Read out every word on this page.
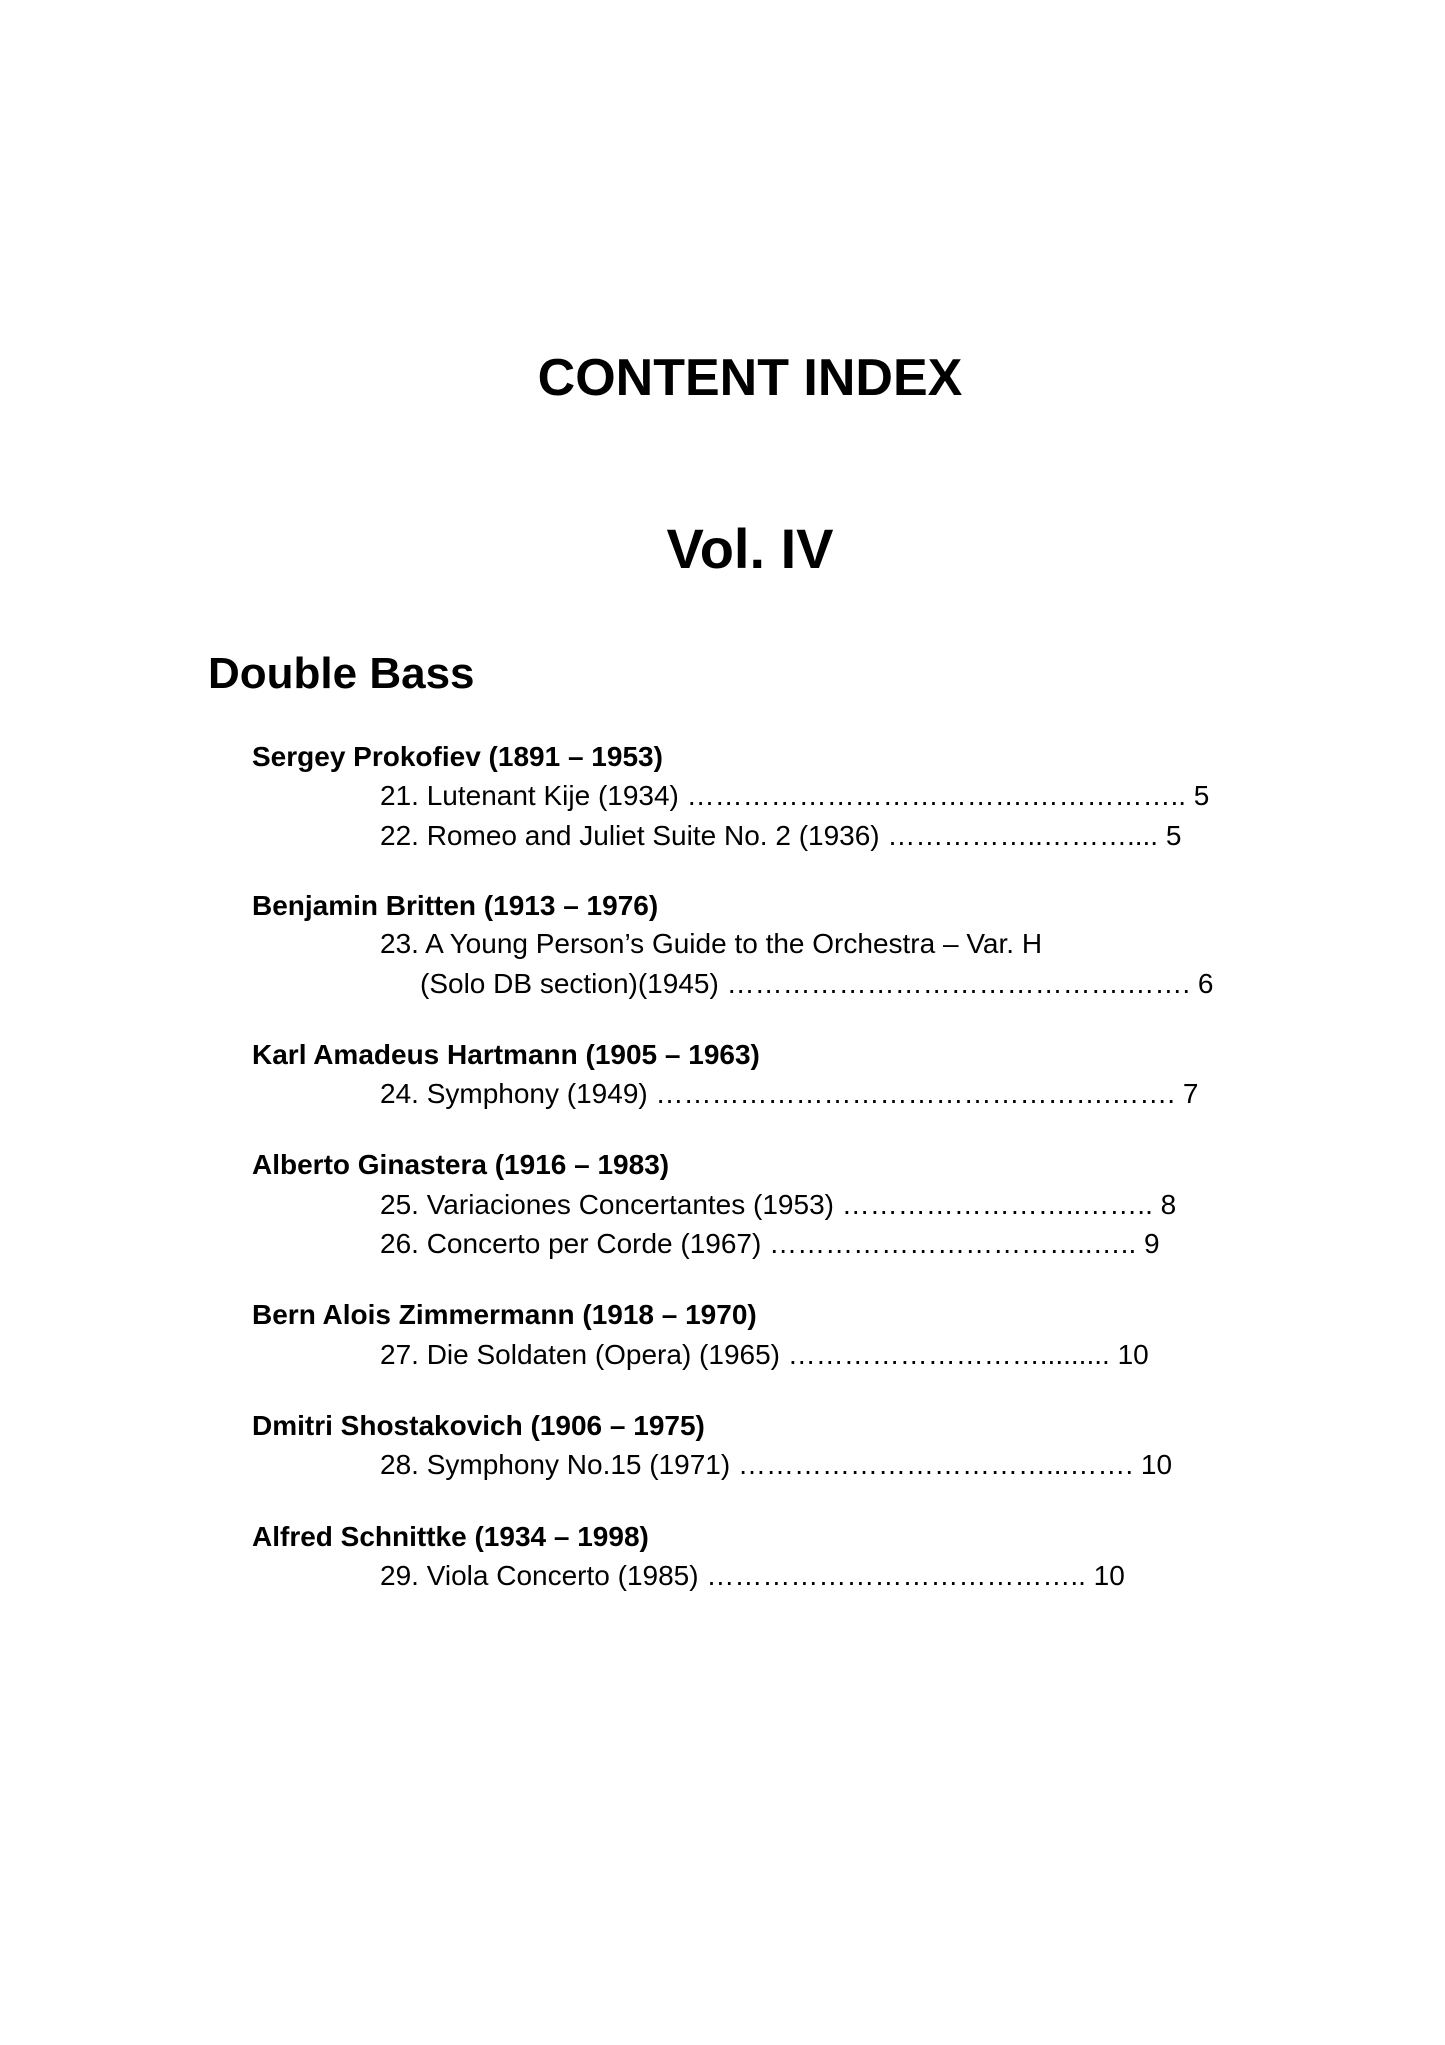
CONTENT INDEX
Vol. IV
Double Bass
Sergey Prokofiev (1891 – 1953)
21. Lutenant Kije (1934) ……………………………….…………….. 5
22. Romeo and Juliet Suite No. 2 (1936) ……………..……….... 5
Benjamin Britten (1913 – 1976)
23. A Young Person’s Guide to the Orchestra – Var. H
(Solo DB section)(1945) …………………………………….……. 6
Karl Amadeus Hartmann (1905 – 1963)
24. Symphony (1949) ………………………………………….……. 7
Alberto Ginastera (1916 – 1983)
25. Variaciones Concertantes (1953) ……………………..…….. 8
26. Concerto per Corde (1967) ……………………………..….. 9
Bern Alois Zimmermann (1918 – 1970)
27. Die Soldaten (Opera) (1965) ………………………......... 10
Dmitri Shostakovich (1906 – 1975)
28. Symphony No.15 (1971) ……………………………...……. 10
Alfred Schnittke (1934 – 1998)
29. Viola Concerto (1985) ………………………………….. 10
